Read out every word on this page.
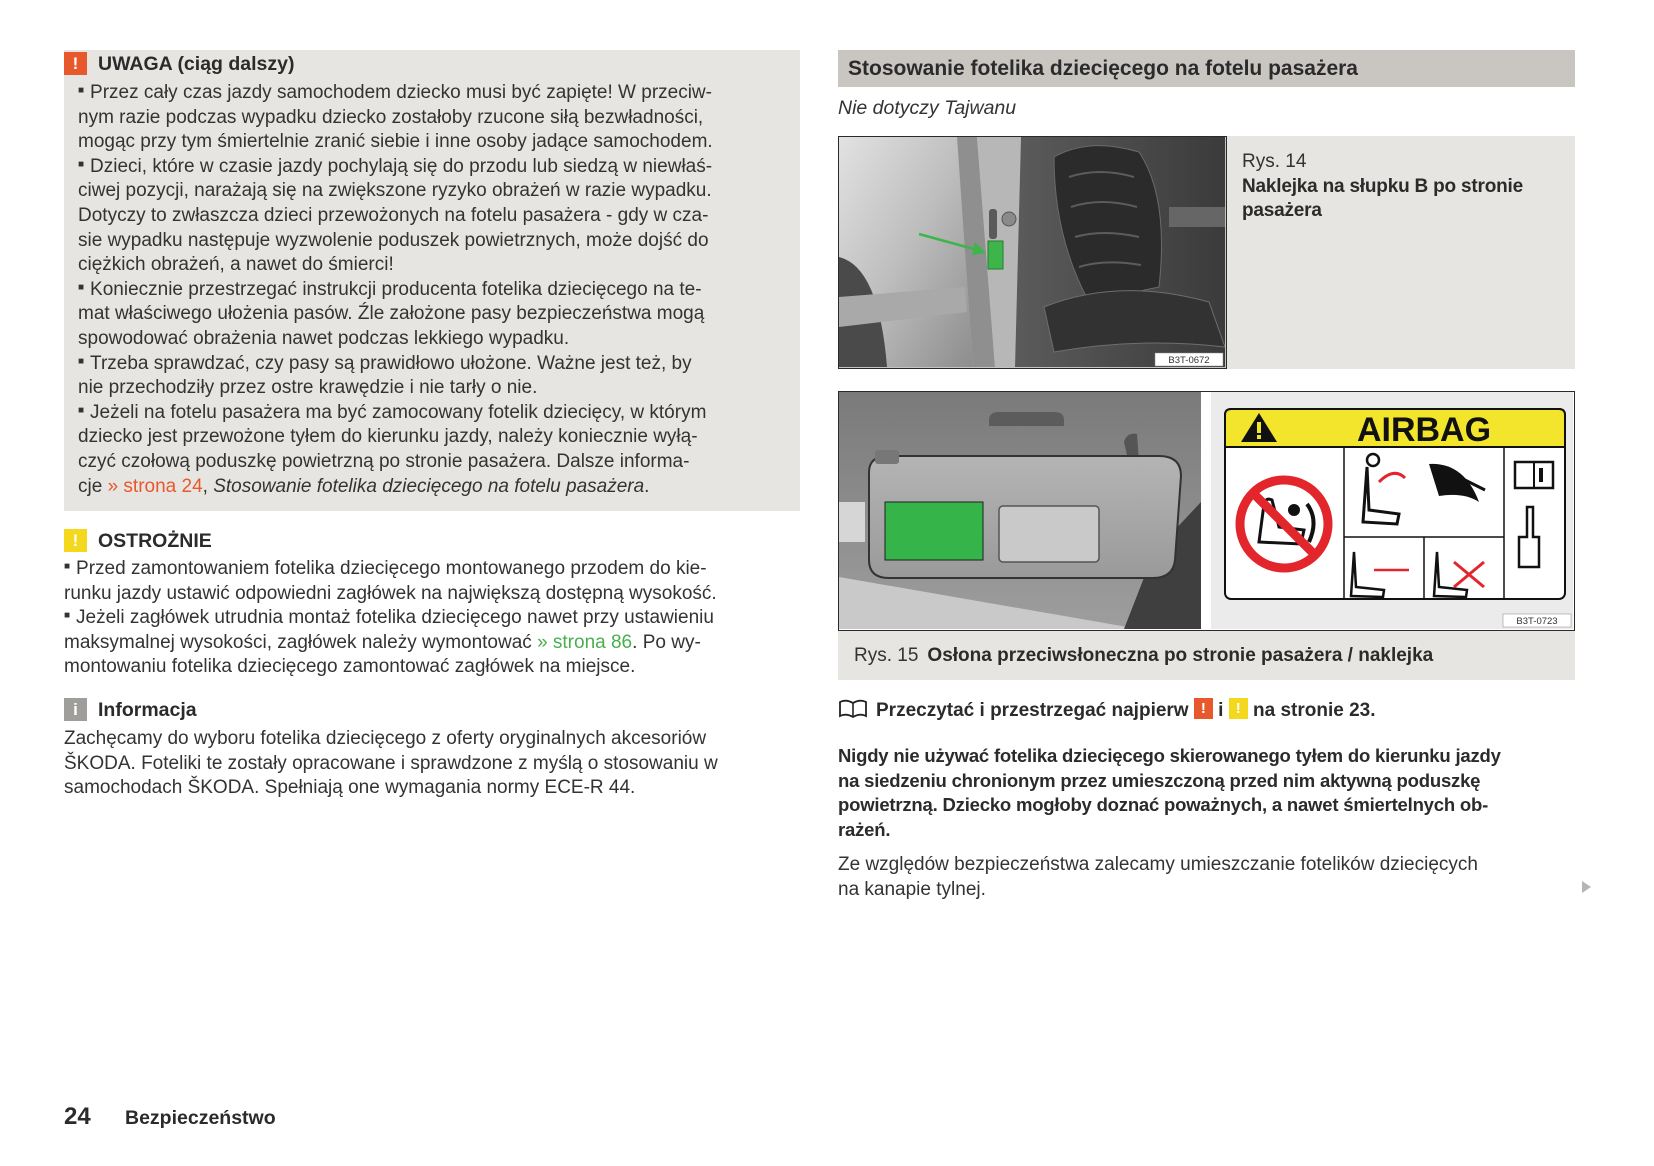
!	UWAGA (ciąg dalszy)
■ Przez cały czas jazdy samochodem dziecko musi być zapięte! W przeciw-
nym razie podczas wypadku dziecko zostałoby rzucone siłą bezwładności,
mogąc przy tym śmiertelnie zranić siebie i inne osoby jadące samochodem.
■ Dzieci, które w czasie jazdy pochylają się do przodu lub siedzą w niewłaś-
ciwej pozycji, narażają się na zwiększone ryzyko obrażeń w razie wypadku.
Dotyczy to zwłaszcza dzieci przewożonych na fotelu pasażera - gdy w cza-
sie wypadku następuje wyzwolenie poduszek powietrznych, może dojść do
ciężkich obrażeń, a nawet do śmierci!
■ Koniecznie przestrzegać instrukcji producenta fotelika dziecięcego na te-
mat właściwego ułożenia pasów. Źle założone pasy bezpieczeństwa mogą
spowodować obrażenia nawet podczas lekkiego wypadku.
■ Trzeba sprawdzać, czy pasy są prawidłowo ułożone. Ważne jest też, by
nie przechodziły przez ostre krawędzie i nie tarły o nie.
■ Jeżeli na fotelu pasażera ma być zamocowany fotelik dziecięcy, w którym
dziecko jest przewożone tyłem do kierunku jazdy, należy koniecznie wyłą-
czyć czołową poduszkę powietrzną po stronie pasażera. Dalsze informa-
cje » strona 24, Stosowanie fotelika dziecięcego na fotelu pasażera.
!	OSTROŻNIE
■ Przed zamontowaniem fotelika dziecięcego montowanego przodem do kie-
runku jazdy ustawić odpowiedni zagłówek na największą dostępną wysokość.
■ Jeżeli zagłówek utrudnia montaż fotelika dziecięcego nawet przy ustawieniu
maksymalnej wysokości, zagłówek należy wymontować » strona 86. Po wy-
montowaniu fotelika dziecięcego zamontować zagłówek na miejsce.
i	Informacja
Zachęcamy do wyboru fotelika dziecięcego z oferty oryginalnych akcesoriów
ŠKODA. Foteliki te zostały opracowane i sprawdzone z myślą o stosowaniu w
samochodach ŠKODA. Spełniają one wymagania normy ECE-R 44.
Stosowanie fotelika dziecięcego na fotelu pasażera
Nie dotyczy Tajwanu
B3T-0672
Rys. 14
Naklejka na słupku B po stronie
pasażera
AIRBAG
B3T-0723
Rys. 15 Osłona przeciwsłoneczna po stronie pasażera / naklejka
Przeczytać i przestrzegać najpierw ! i ! na stronie 23.
Nigdy nie używać fotelika dziecięcego skierowanego tyłem do kierunku jazdy
na siedzeniu chronionym przez umieszczoną przed nim aktywną poduszkę
powietrzną. Dziecko mogłoby doznać poważnych, a nawet śmiertelnych ob-
rażeń.
Ze względów bezpieczeństwa zalecamy umieszczanie fotelików dziecięcych
na kanapie tylnej.
24 Bezpieczeństwo
